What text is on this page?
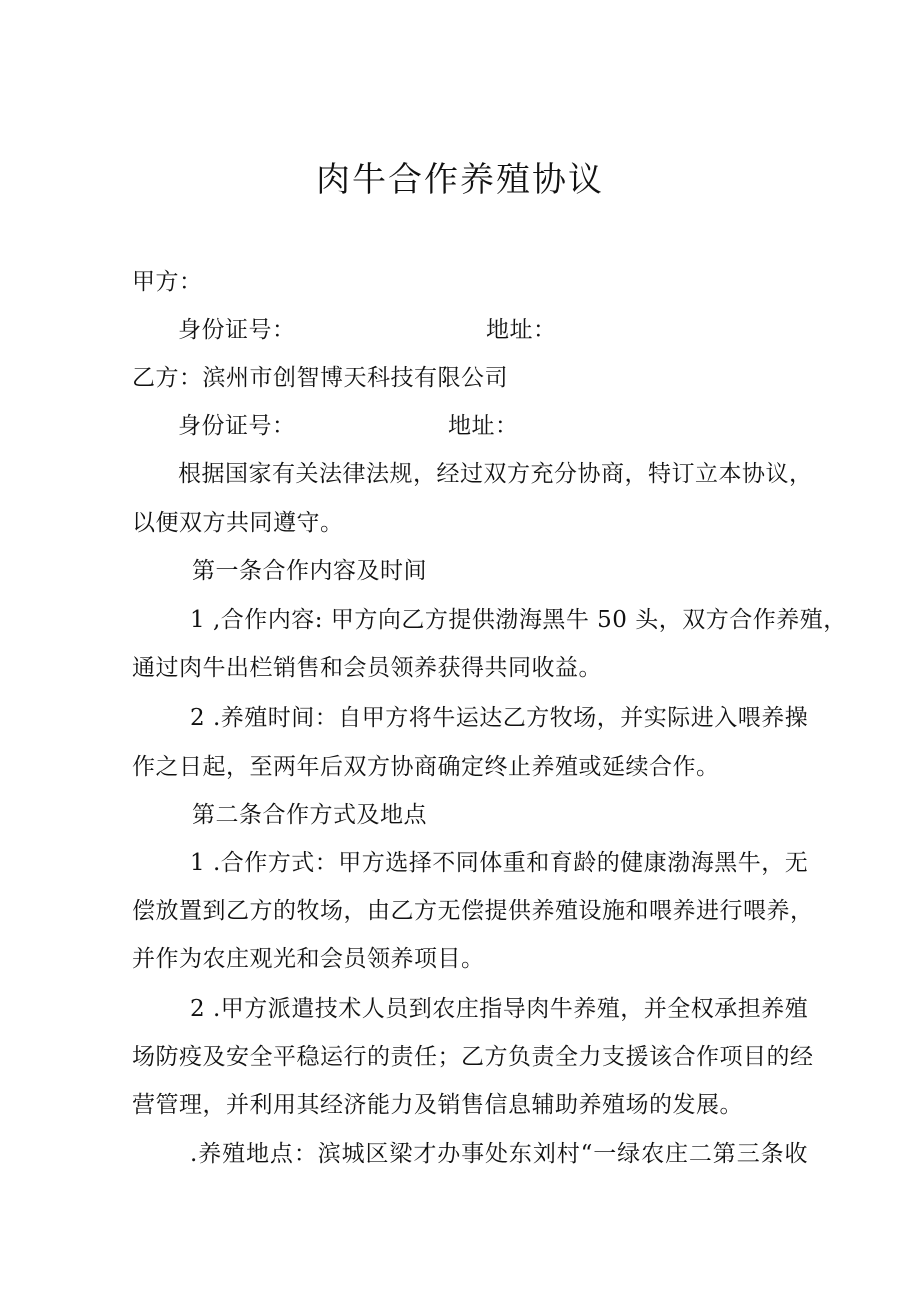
肉牛合作养殖协议
甲方：
身份证号：	地址：
乙方：滨州市创智博天科技有限公司
身份证号：	地址：
根据国家有关法律法规，经过双方充分协商，特订立本协议，
以便双方共同遵守。
第一条合作内容及时间
1 ,合作内容: 甲方向乙方提供渤海黑牛 50 头，双方合作养殖，
通过肉牛出栏销售和会员领养获得共同收益。
2 .养殖时间：自甲方将牛运达乙方牧场，并实际进入喂养操
作之日起，至两年后双方协商确定终止养殖或延续合作。
第二条合作方式及地点
1 .合作方式：甲方选择不同体重和育龄的健康渤海黑牛，无
偿放置到乙方的牧场，由乙方无偿提供养殖设施和喂养进行喂养，
并作为农庄观光和会员领养项目。
2 .甲方派遣技术人员到农庄指导肉牛养殖，并全权承担养殖
场防疫及安全平稳运行的责任；乙方负责全力支援该合作项目的经
营管理，并利用其经济能力及销售信息辅助养殖场的发展。
.养殖地点：滨城区梁才办事处东刘村“一绿农庄二第三条收
